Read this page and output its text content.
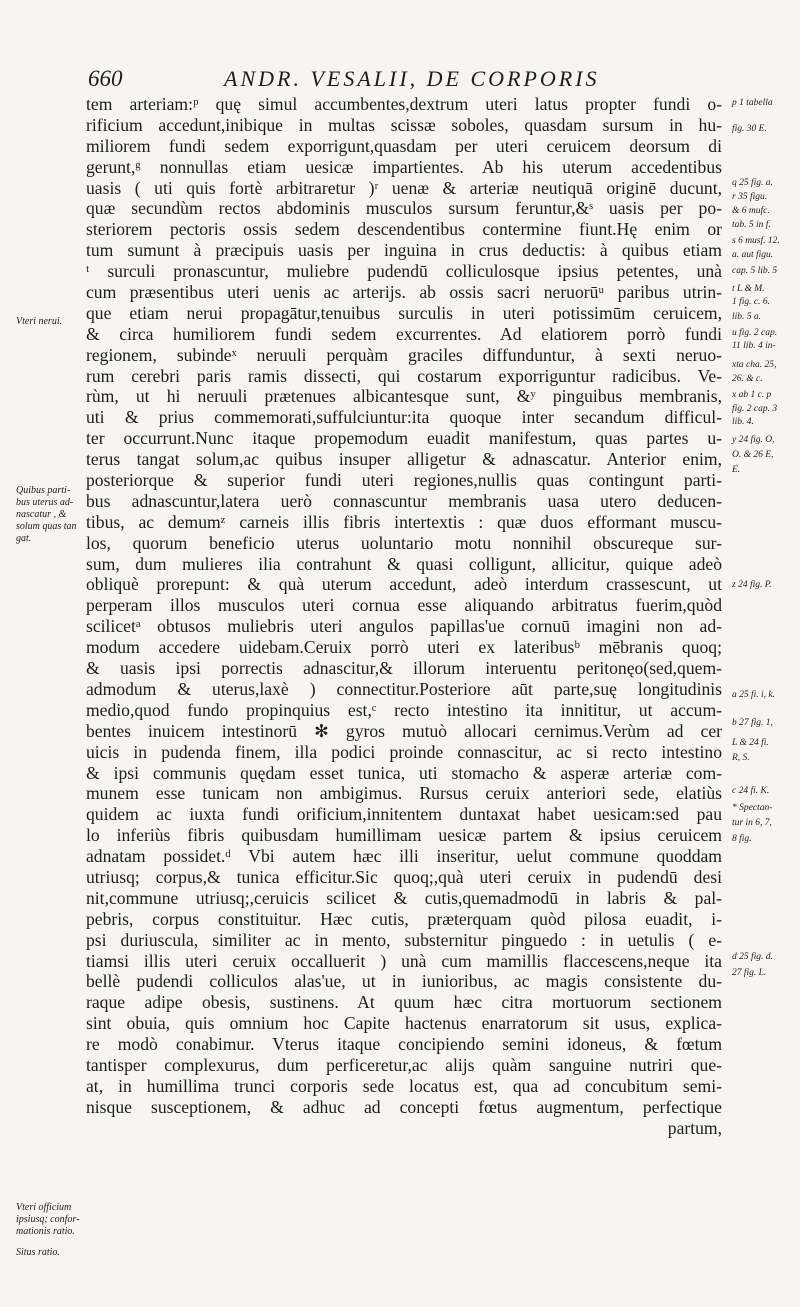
660	ANDR. VESALII, DE CORPORIS
tem arteriam:ᵖ quę simul accumbentes,dextrum uteri latus propter fundi o-
rificium accedunt,inibique in multas scissæ soboles, quasdam sursum in hu-
miliorem fundi sedem exporrigunt,quasdam per uteri ceruicem deorsum di
gerunt,ᵍ nonnullas etiam uesicæ impartientes. Ab his uterum accedentibus
uasis ( uti quis fortè arbitraretur )ʳ uenæ & arteriæ neutiquā originē ducunt,
quæ secundùm rectos abdominis musculos sursum feruntur,&ˢ uasis per po-
steriorem pectoris ossis sedem descendentibus contermine fiunt.Hę enim or
tum sumunt à præcipuis uasis per inguina in crus deductis: à quibus etiam
ᵗ surculi pronascuntur, muliebre pudendū colliculosque ipsius petentes, unà
cum præsentibus uteri uenis ac arterijs. ab ossis sacri neruorūᵘ paribus utrin-
que etiam nerui propagātur,tenuibus surculis in uteri potissimūm ceruicem,
& circa humiliorem fundi sedem excurrentes. Ad elatiorem porrò fundi
regionem, subindeˣ neruuli perquàm graciles diffunduntur, à sexti neruo-
rum cerebri paris ramis dissecti, qui costarum exporriguntur radicibus. Ve-
rùm, ut hi neruuli prætenues albicantesque sunt, &ʸ pinguibus membranis,
uti & prius commemorati,suffulciuntur:ita quoque inter secandum difficul-
ter occurrunt.Nunc itaque propemodum euadit manifestum, quas partes u-
terus tangat solum,ac quibus insuper alligetur & adnascatur. Anterior enim,
posteriorque & superior fundi uteri regiones,nullis quas contingunt parti-
bus adnascuntur,latera uerò connascuntur membranis uasa utero deducen-
tibus, ac demumᶻ carneis illis fibris intertextis : quæ duos efformant muscu-
los, quorum beneficio uterus uoluntario motu nonnihil obscureque sur-
sum, dum mulieres ilia contrahunt & quasi colligunt, allicitur, quique adeò
obliquè prorepunt: & quà uterum accedunt, adeò interdum crassescunt, ut
perperam illos musculos uteri cornua esse aliquando arbitratus fuerim,quòd
scilicetᵃ obtusos muliebris uteri angulos papillas'ue cornuū imagini non ad-
modum accedere uidebam.Ceruix porrò uteri ex lateribusᵇ mēbranis quoq;
& uasis ipsi porrectis adnascitur,& illorum interuentu peritonęo(sed,quem-
admodum & uterus,laxè ) connectitur.Posteriore aūt parte,suę longitudinis
medio,quod fundo propinquius est,ᶜ recto intestino ita innititur, ut accum-
bentes inuicem intestinorū ✻ gyros mutuò allocari cernimus.Verùm ad cer
uicis in pudenda finem, illa podici proinde connascitur, ac si recto intestino
& ipsi communis quędam esset tunica, uti stomacho & asperæ arteriæ com-
munem esse tunicam non ambigimus. Rursus ceruix anteriori sede, elatiùs
quidem ac iuxta fundi orificium,innitentem duntaxat habet uesicam:sed pau
lo inferiùs fibris quibusdam humillimam uesicæ partem & ipsius ceruicem
adnatam possidet.ᵈ Vbi autem hæc illi inseritur, uelut commune quoddam
utriusq; corpus,& tunica efficitur.Sic quoq;,quà uteri ceruix in pudendū desi
nit,commune utriusq;,ceruicis scilicet & cutis,quemadmodū in labris & pal-
pebris, corpus constituitur. Hæc cutis, præterquam quòd pilosa euadit, i-
psi duriuscula, similiter ac in mento, substernitur pinguedo : in uetulis ( e-
tiamsi illis uteri ceruix occalluerit ) unà cum mamillis flaccescens,neque ita
bellè pudendi colliculos alas'ue, ut in iunioribus, ac magis consistente du-
raque adipe obesis, sustinens. At quum hæc citra mortuorum sectionem
sint obuia, quis omnium hoc Capite hactenus enarratorum sit usus, explica-
re modò conabimur. Vterus itaque concipiendo semini idoneus, & fœtum
tantisper complexurus, dum perficeretur,ac alijs quàm sanguine nutriri que-
at, in humillima trunci corporis sede locatus est, qua ad concubitum semi-
nisque susceptionem, & adhuc ad concepti fœtus augmentum, perfectique
partum,
Vteri nerui.
Quibus parti- bus uterus ad- nascatur , & solum quas tan gat.
Vteri officium ipsiusq; confor- mationis ratio.
Situs ratio.
p 1 tabella
fig. 30 E.
q 25 fig. a.
r 35 figu.
& 6 mufc.
tab. 5 in f.
s 6 musf. 12.
a. aut figu.
cap. 5 lib. 5
t L & M.
1 fig. c. 6.
lib. 5 a.
u fig. 2 cap.
11 lib. 4 in-
xta cha. 25,
26. & c.
x ab 1 c. p
fig. 2 cap. 3
lib. 4.
y 24 fig. O,
O. & 26 E,
E.
z 24 fig. P.
a 25 fi. i, k.
b 27 fig. 1,
L & 24 fi.
R, S.
c 24 fi. K.
* Spectan-
tur in 6, 7,
8 fig.
d 25 fig. d.
27 fig. L.
